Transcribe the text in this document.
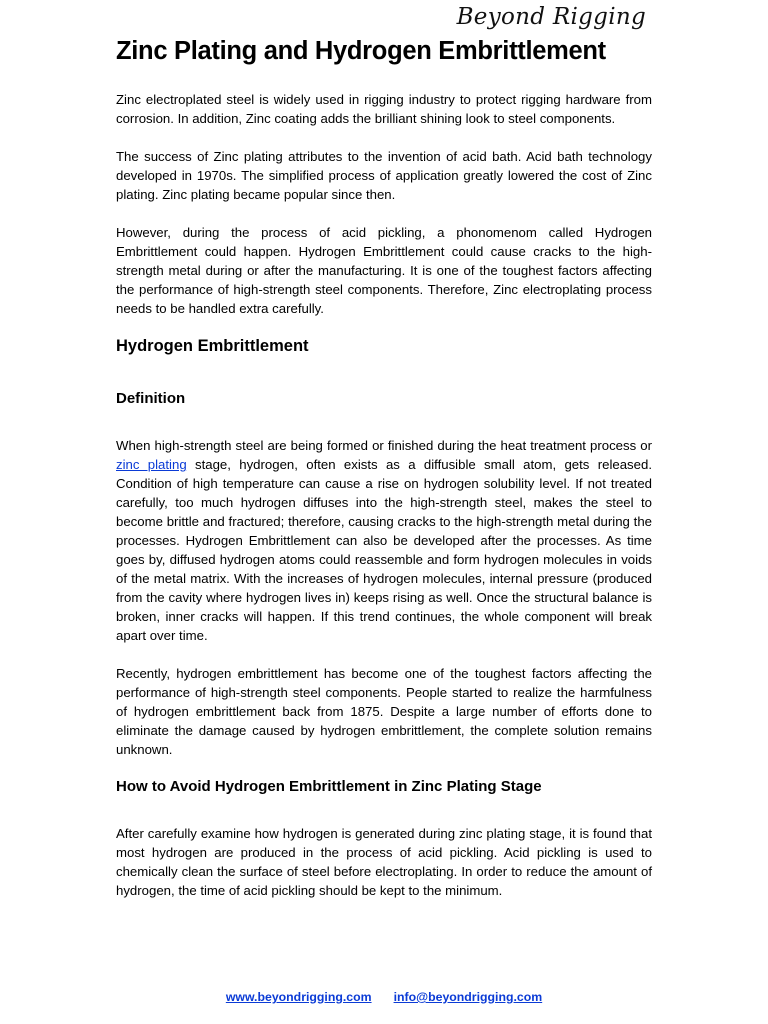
Beyond Rigging
Zinc Plating and Hydrogen Embrittlement

Zinc electroplated steel is widely used in rigging industry to protect rigging hardware from corrosion. In addition, Zinc coating adds the brilliant shining look to steel components.

The success of Zinc plating attributes to the invention of acid bath. Acid bath technology developed in 1970s. The simplified process of application greatly lowered the cost of Zinc plating. Zinc plating became popular since then.

However, during the process of acid pickling, a phonomenom called Hydrogen Embrittlement could happen. Hydrogen Embrittlement could cause cracks to the high-strength metal during or after the manufacturing. It is one of the toughest factors affecting the performance of high-strength steel components. Therefore, Zinc electroplating process needs to be handled extra carefully.

Hydrogen Embrittlement
Definition

When high-strength steel are being formed or finished during the heat treatment process or zinc plating stage, hydrogen, often exists as a diffusible small atom, gets released. Condition of high temperature can cause a rise on hydrogen solubility level. If not treated carefully, too much hydrogen diffuses into the high-strength steel, makes the steel to become brittle and fractured; therefore, causing cracks to the high-strength metal during the processes. Hydrogen Embrittlement can also be developed after the processes. As time goes by, diffused hydrogen atoms could reassemble and form hydrogen molecules in voids of the metal matrix. With the increases of hydrogen molecules, internal pressure (produced from the cavity where hydrogen lives in) keeps rising as well. Once the structural balance is broken, inner cracks will happen. If this trend continues, the whole component will break apart over time.

Recently, hydrogen embrittlement has become one of the toughest factors affecting the performance of high-strength steel components. People started to realize the harmfulness of hydrogen embrittlement back from 1875. Despite a large number of efforts done to eliminate the damage caused by hydrogen embrittlement, the complete solution remains unknown.

How to Avoid Hydrogen Embrittlement in Zinc Plating Stage

After carefully examine how hydrogen is generated during zinc plating stage, it is found that most hydrogen are produced in the process of acid pickling. Acid pickling is used to chemically clean the surface of steel before electroplating. In order to reduce the amount of hydrogen, the time of acid pickling should be kept to the minimum.

www.beyondrigging.com info@beyondrigging.com
